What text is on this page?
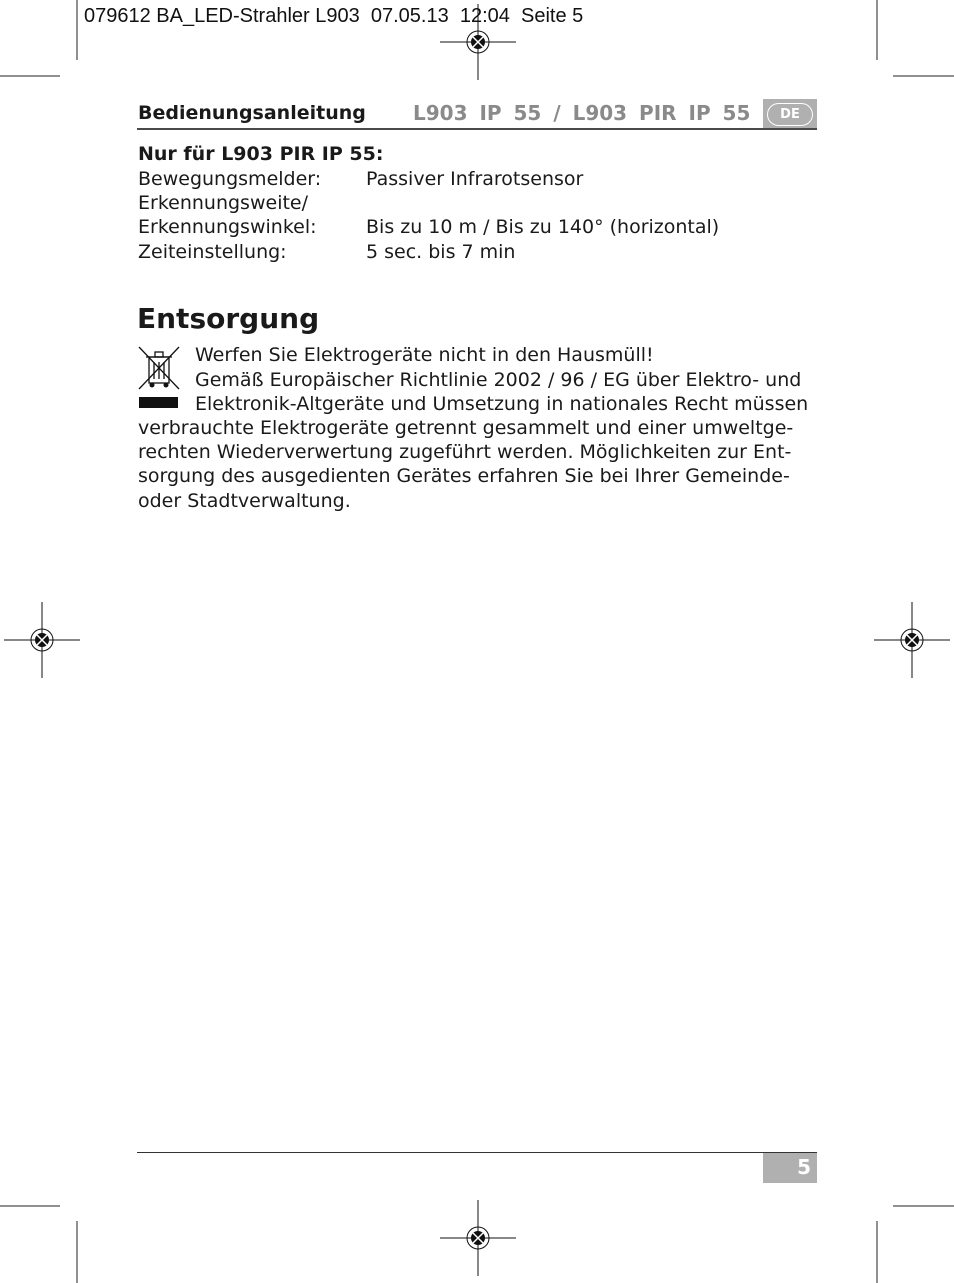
079612 BA_LED-Strahler L903  07.05.13  12:04  Seite 5
Bedienungsanleitung L903 IP 55 / L903 PIR IP 55	DE
Nur für L903 PIR IP 55:
Bewegungsmelder: Passiver Infrarotsensor
Erkennungsweite/
Erkennungswinkel:	Bis zu 10 m / Bis zu 140° (horizontal)
Zeiteinstellung:	5 sec. bis 7 min
Entsorgung
Werfen Sie Elektrogeräte nicht in den Hausmüll!
Gemäß Europäischer Richtlinie 2002 / 96 / EG über Elektro- und
Elektronik-Altgeräte und Umsetzung in nationales Recht müssen
verbrauchte Elektrogeräte getrennt gesammelt und einer umweltge-
rechten Wiederverwertung zugeführt werden. Möglichkeiten zur Ent-
sorgung des ausgedienten Gerätes erfahren Sie bei Ihrer Gemeinde-
oder Stadtverwaltung.
5
